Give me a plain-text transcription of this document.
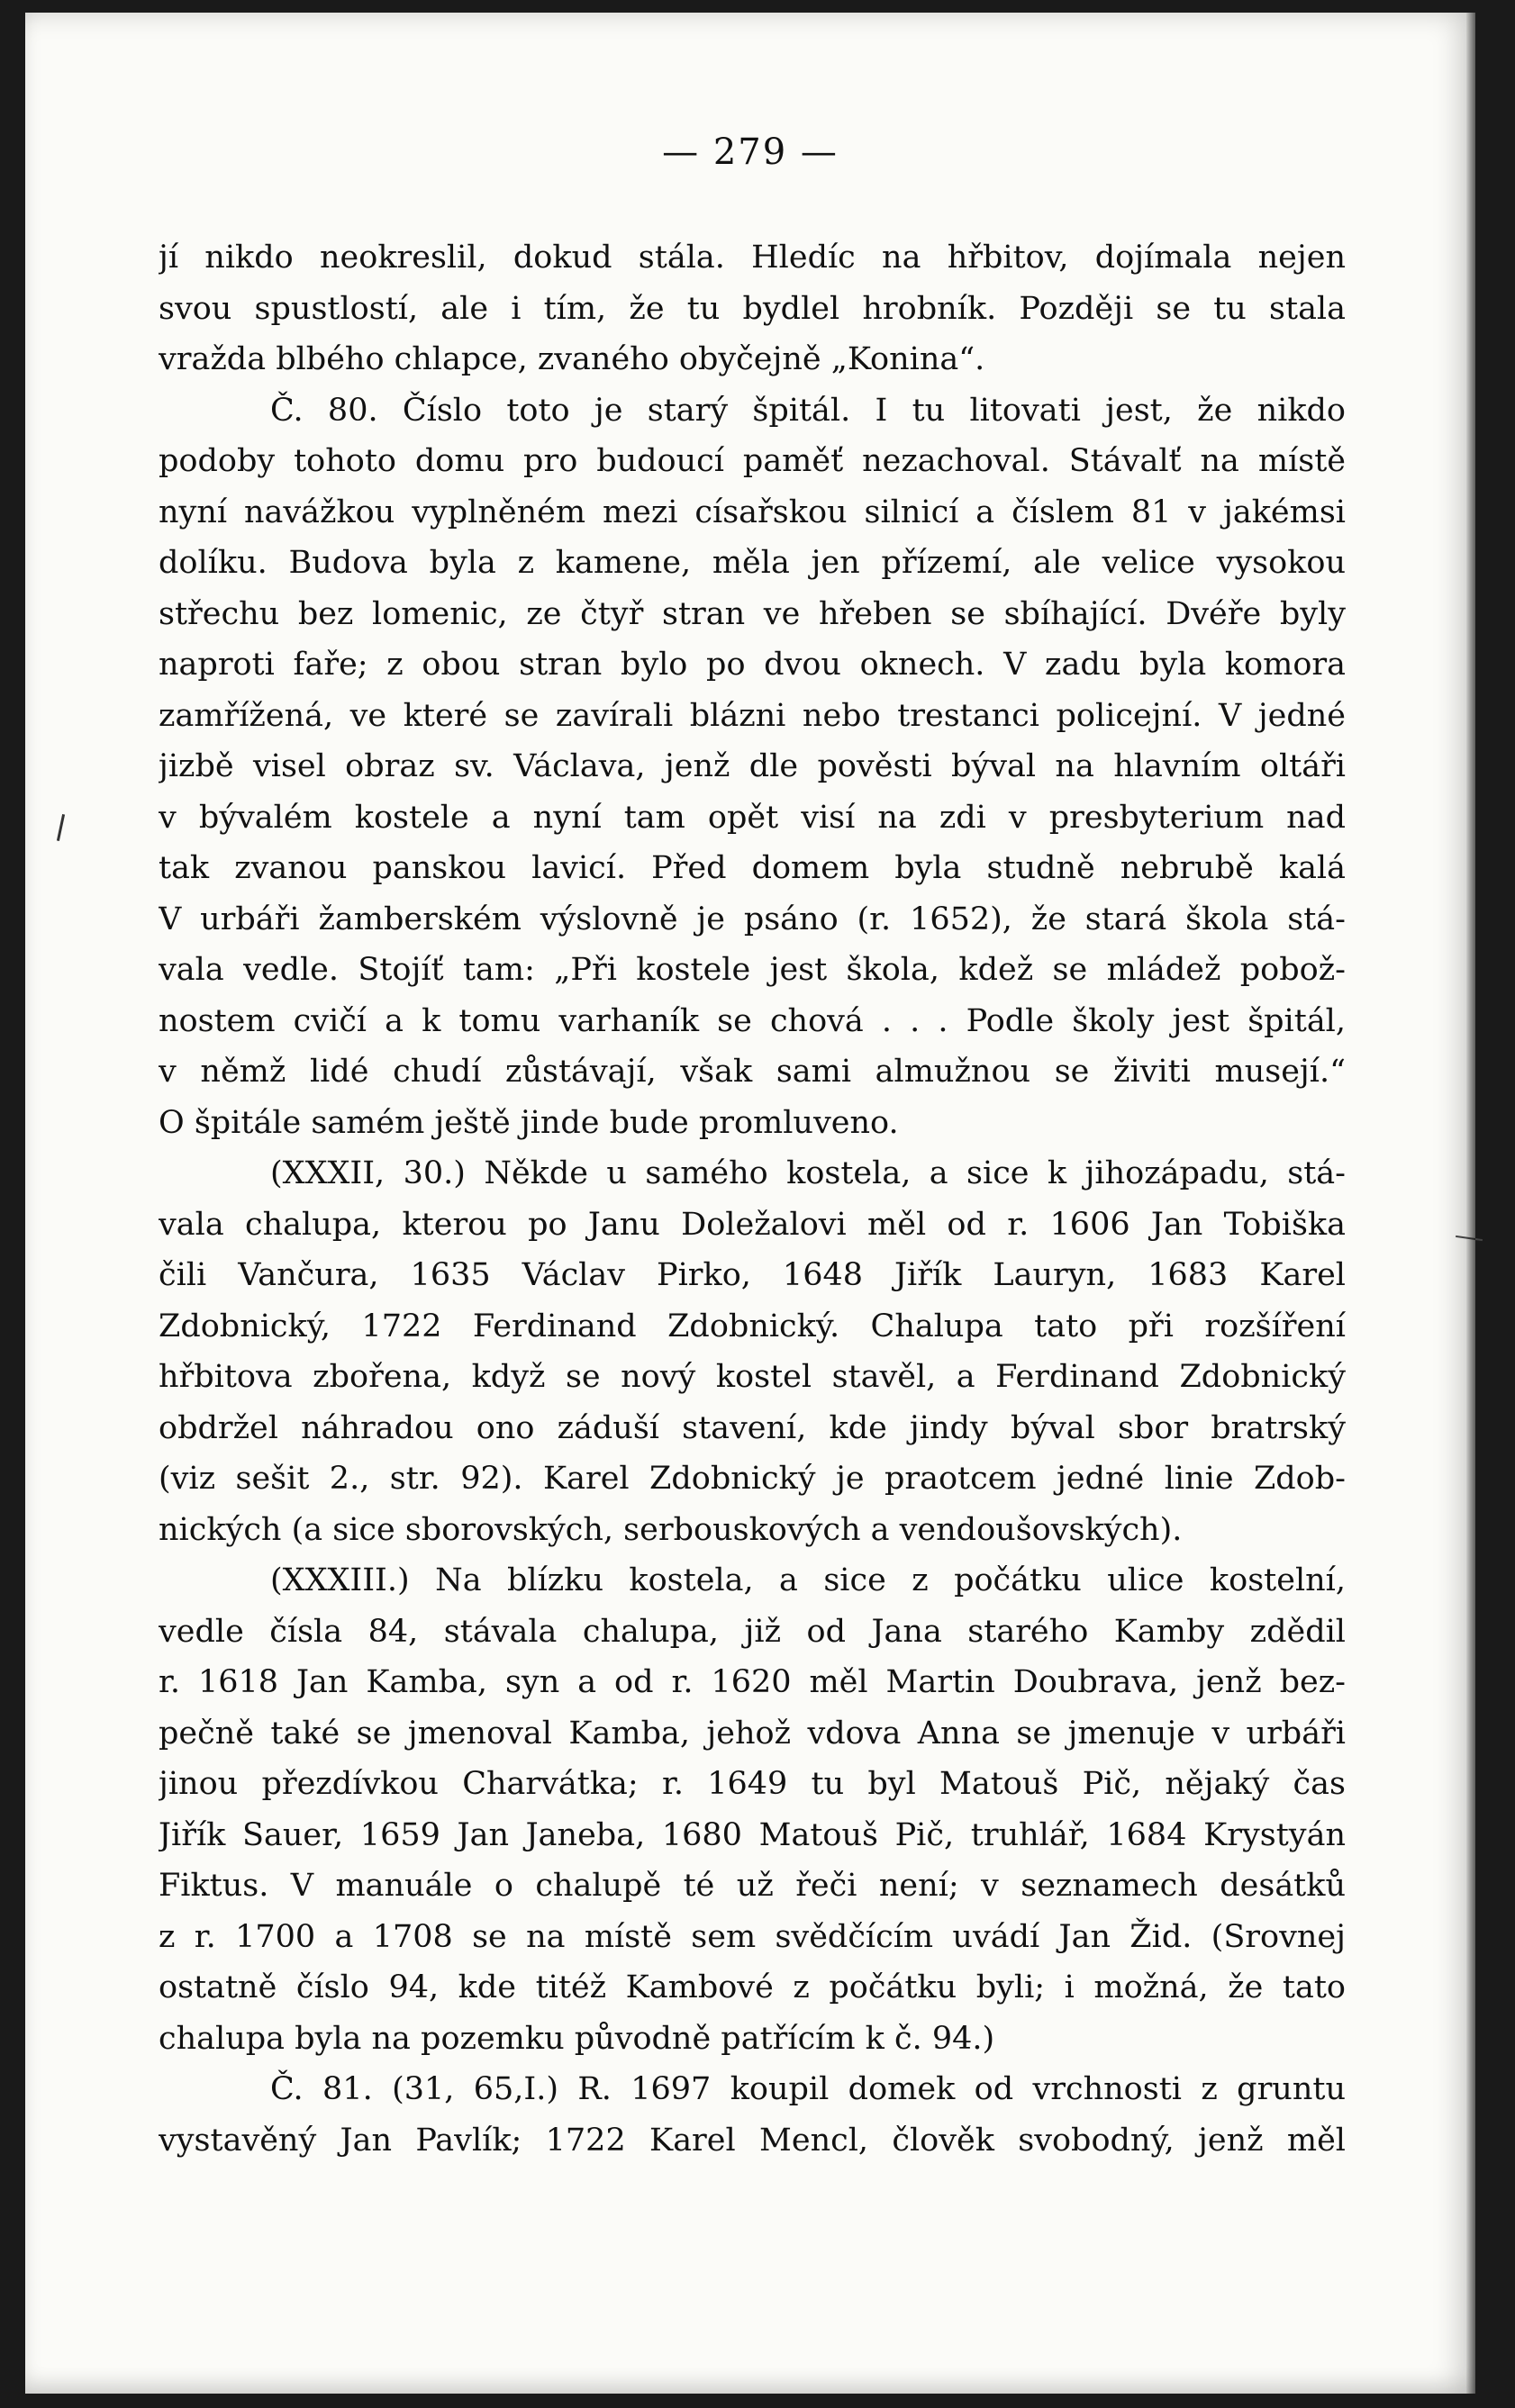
— 279 —
jí nikdo neokreslil, dokud stála. Hledíc na hřbitov, dojímala nejen
svou spustlostí, ale i tím, že tu bydlel hrobník. Později se tu stala
vražda blbého chlapce, zvaného obyčejně „Konina“.
Č. 80. Číslo toto je starý špitál. I tu litovati jest, že nikdo
podoby tohoto domu pro budoucí paměť nezachoval. Stávalť na místě
nyní navážkou vyplněném mezi císařskou silnicí a číslem 81 v jakémsi
dolíku. Budova byla z kamene, měla jen přízemí, ale velice vysokou
střechu bez lomenic, ze čtyř stran ve hřeben se sbíhající. Dvéře byly
naproti faře; z obou stran bylo po dvou oknech. V zadu byla komora
zamřížená, ve které se zavírali blázni nebo trestanci policejní. V jedné
jizbě visel obraz sv. Václava, jenž dle pověsti býval na hlavním oltáři
v bývalém kostele a nyní tam opět visí na zdi v presbyterium nad
tak zvanou panskou lavicí. Před domem byla studně nebrubě kalá
V urbáři žamberském výslovně je psáno (r. 1652), že stará škola stá-
vala vedle. Stojíť tam: „Při kostele jest škola, kdež se mládež pobož-
nostem cvičí a k tomu varhaník se chová . . . Podle školy jest špitál,
v němž lidé chudí zůstávají, však sami almužnou se živiti musejí.“
O špitále samém ještě jinde bude promluveno.
(XXXII, 30.) Někde u samého kostela, a sice k jihozápadu, stá-
vala chalupa, kterou po Janu Doležalovi měl od r. 1606 Jan Tobiška
čili Vančura, 1635 Václav Pirko, 1648 Jiřík Lauryn, 1683 Karel
Zdobnický, 1722 Ferdinand Zdobnický. Chalupa tato při rozšíření
hřbitova zbořena, když se nový kostel stavěl, a Ferdinand Zdobnický
obdržel náhradou ono záduší stavení, kde jindy býval sbor bratrský
(viz sešit 2., str. 92). Karel Zdobnický je praotcem jedné linie Zdob-
nických (a sice sborovských, serbouskových a vendoušovských).
(XXXIII.) Na blízku kostela, a sice z počátku ulice kostelní,
vedle čísla 84, stávala chalupa, již od Jana starého Kamby zdědil
r. 1618 Jan Kamba, syn a od r. 1620 měl Martin Doubrava, jenž bez-
pečně také se jmenoval Kamba, jehož vdova Anna se jmenuje v urbáři
jinou přezdívkou Charvátka; r. 1649 tu byl Matouš Pič, nějaký čas
Jiřík Sauer, 1659 Jan Janeba, 1680 Matouš Pič, truhlář, 1684 Krystyán
Fiktus. V manuále o chalupě té už řeči není; v seznamech desátků
z r. 1700 a 1708 se na místě sem svědčícím uvádí Jan Žid. (Srovnej
ostatně číslo 94, kde titéž Kambové z počátku byli; i možná, že tato
chalupa byla na pozemku původně patřícím k č. 94.)
Č. 81. (31, 65,I.) R. 1697 koupil domek od vrchnosti z gruntu
vystavěný Jan Pavlík; 1722 Karel Mencl, člověk svobodný, jenž měl
